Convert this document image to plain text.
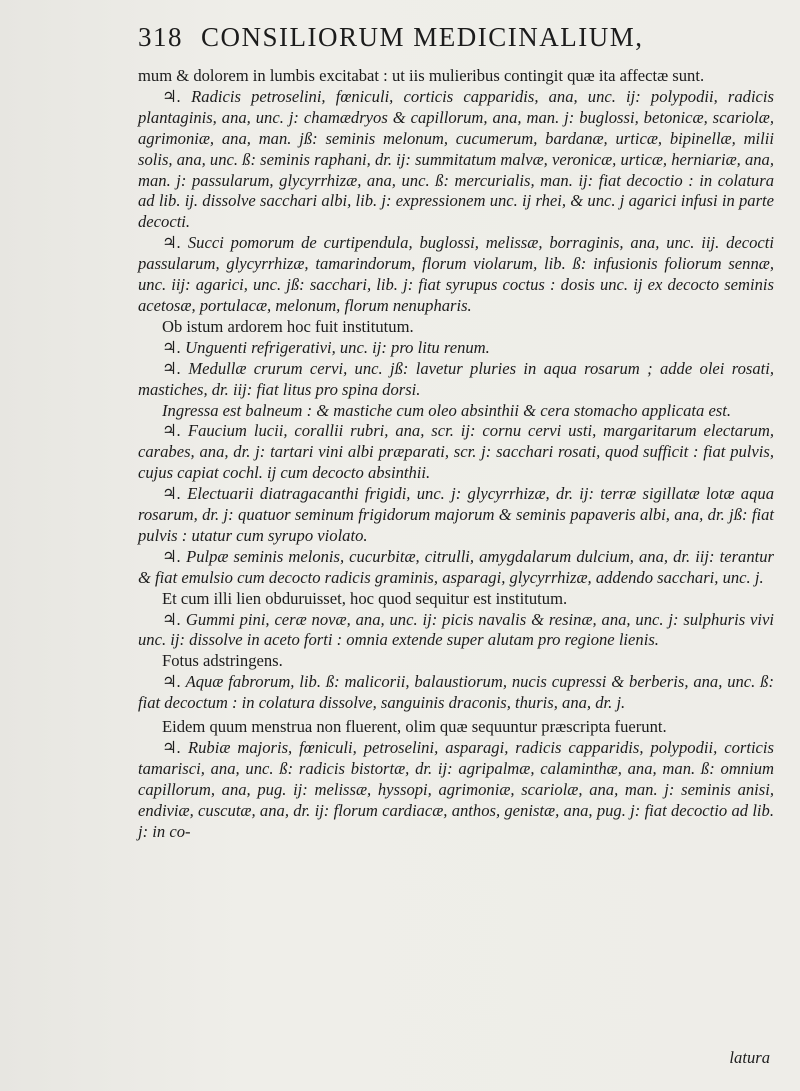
318 CONSILIORUM MEDICINALIUM,

mum & dolorem in lumbis excitabat : ut iis mulieribus contingit quæ ita affectæ sunt.

♃. Radicis petroselini, fœniculi, corticis capparidis, ana, unc. ij: polypodii, radicis plantaginis, ana, unc. j: chamædryos & capillorum, ana, man. j: buglossi, betonicæ, scariolæ, agrimoniæ, ana, man. jß: seminis melonum, cucumerum, bardanæ, urticæ, bipinellæ, milii solis, ana, unc. ß: seminis raphani, dr. ij: summitatum malvæ, veronicæ, urticæ, herniariæ, ana, man. j: passularum, glycyrrhizæ, ana, unc. ß: mercurialis, man. ij: fiat decoctio : in colatura ad lib. ij. dissolve sacchari albi, lib. j: expressionem unc. ij rhei, & unc. j agarici infusi in parte decocti.

♃. Succi pomorum de curtipendula, buglossi, melissæ, borraginis, ana, unc. iij. decocti passularum, glycyrrhizæ, tamarindorum, florum violarum, lib. ß: infusionis foliorum sennæ, unc. iij: agarici, unc. jß: sacchari, lib. j: fiat syrupus coctus : dosis unc. ij ex decocto seminis acetosæ, portulacæ, melonum, florum nenupharis.

Ob istum ardorem hoc fuit institutum.

♃. Unguenti refrigerativi, unc. ij: pro litu renum.

♃. Medullæ crurum cervi, unc. jß: lavetur pluries in aqua rosarum ; adde olei rosati, mastiches, dr. iij: fiat litus pro spina dorsi.

Ingressa est balneum : & mastiche cum oleo absinthii & cera stomacho applicata est.

♃. Faucium lucii, corallii rubri, ana, scr. ij: cornu cervi usti, margaritarum electarum, carabes, ana, dr. j: tartari vini albi præparati, scr. j: sacchari rosati, quod sufficit : fiat pulvis, cujus capiat cochl. ij cum decocto absinthii.

♃. Electuarii diatragacanthi frigidi, unc. j: glycyrrhizæ, dr. ij: terræ sigillatæ lotæ aqua rosarum, dr. j: quatuor seminum frigidorum majorum & seminis papaveris albi, ana, dr. jß: fiat pulvis : utatur cum syrupo violato.

♃. Pulpæ seminis melonis, cucurbitæ, citrulli, amygdalarum dulcium, ana, dr. iij: terantur & fiat emulsio cum decocto radicis graminis, asparagi, glycyrrhizæ, addendo sacchari, unc. j.

Et cum illi lien obduruisset, hoc quod sequitur est institutum.

♃. Gummi pini, ceræ novæ, ana, unc. ij: picis navalis & resinæ, ana, unc. j: sulphuris vivi unc. ij: dissolve in aceto forti : omnia extende super alutam pro regione lienis.

Fotus adstringens.

♃. Aquæ fabrorum, lib. ß: malicorii, balaustiorum, nucis cupressi & berberis, ana, unc. ß: fiat decoctum : in colatura dissolve, sanguinis draconis, thuris, ana, dr. j.

Eidem quum menstrua non fluerent, olim quæ sequuntur præscripta fuerunt.

♃. Rubiæ majoris, fœniculi, petroselini, asparagi, radicis capparidis, polypodii, corticis tamarisci, ana, unc. ß: radicis bistortæ, dr. ij: agripalmæ, calaminthæ, ana, man. ß: omnium capillorum, ana, pug. ij: melissæ, hyssopi, agrimoniæ, scariolæ, ana, man. j: seminis anisi, endiviæ, cuscutæ, ana, dr. ij: florum cardiacæ, anthos, genistæ, ana, pug. j: fiat decoctio ad lib. j: in co-

latura
